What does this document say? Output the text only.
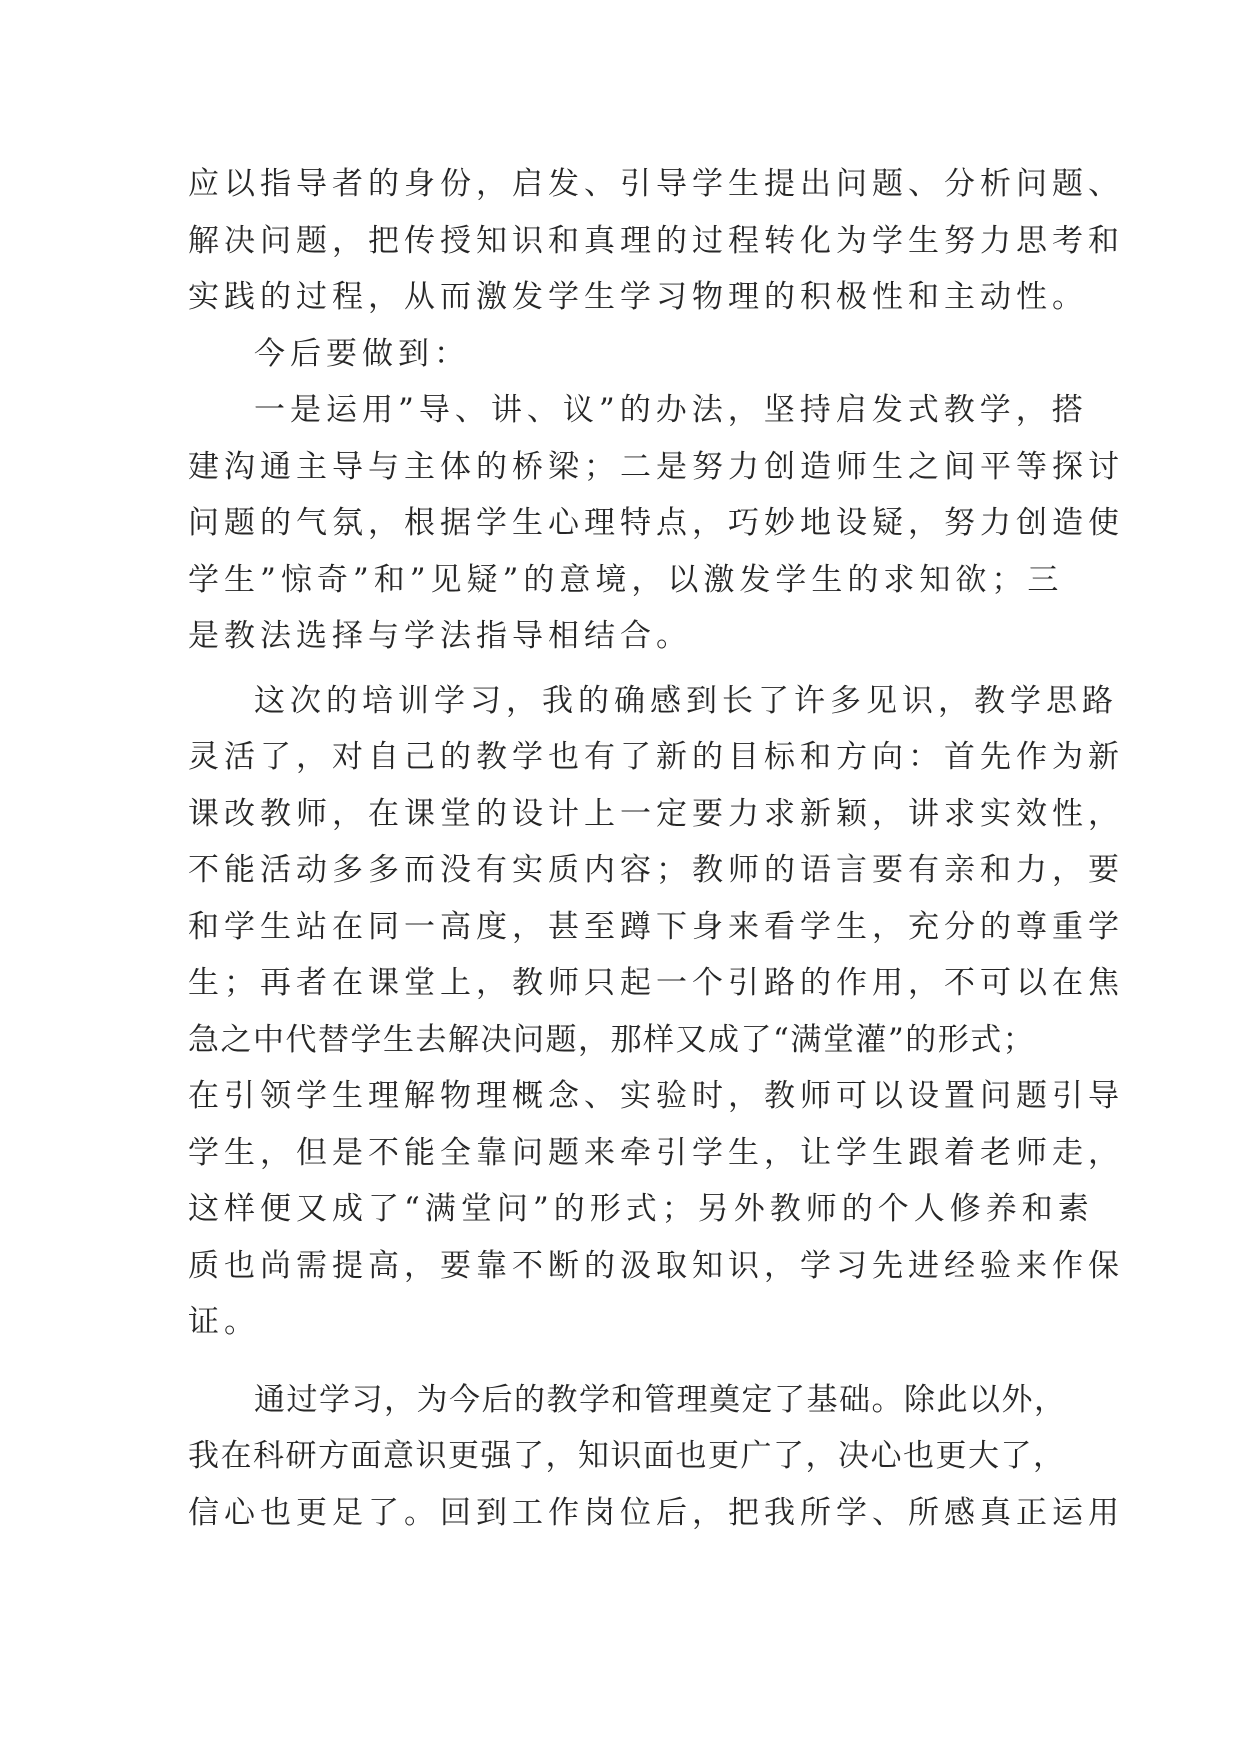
应以指导者的身份，启发、引导学生提出问题、分析问题、
解决问题，把传授知识和真理的过程转化为学生努力思考和
实践的过程，从而激发学生学习物理的积极性和主动性。
今后要做到：
一是运用”导、讲、议”的办法，坚持启发式教学，搭
建沟通主导与主体的桥梁；二是努力创造师生之间平等探讨
问题的气氛，根据学生心理特点，巧妙地设疑，努力创造使
学生”惊奇”和”见疑”的意境，以激发学生的求知欲；三
是教法选择与学法指导相结合。
这次的培训学习，我的确感到长了许多见识，教学思路
灵活了，对自己的教学也有了新的目标和方向：首先作为新
课改教师，在课堂的设计上一定要力求新颖，讲求实效性，
不能活动多多而没有实质内容；教师的语言要有亲和力，要
和学生站在同一高度，甚至蹲下身来看学生，充分的尊重学
生；再者在课堂上，教师只起一个引路的作用，不可以在焦
急之中代替学生去解决问题，那样又成了“满堂灌”的形式；
在引领学生理解物理概念、实验时，教师可以设置问题引导
学生，但是不能全靠问题来牵引学生，让学生跟着老师走，
这样便又成了“满堂问”的形式；另外教师的个人修养和素
质也尚需提高，要靠不断的汲取知识，学习先进经验来作保
证。
通过学习，为今后的教学和管理奠定了基础。除此以外，
我在科研方面意识更强了，知识面也更广了，决心也更大了，
信心也更足了。回到工作岗位后，把我所学、所感真正运用
